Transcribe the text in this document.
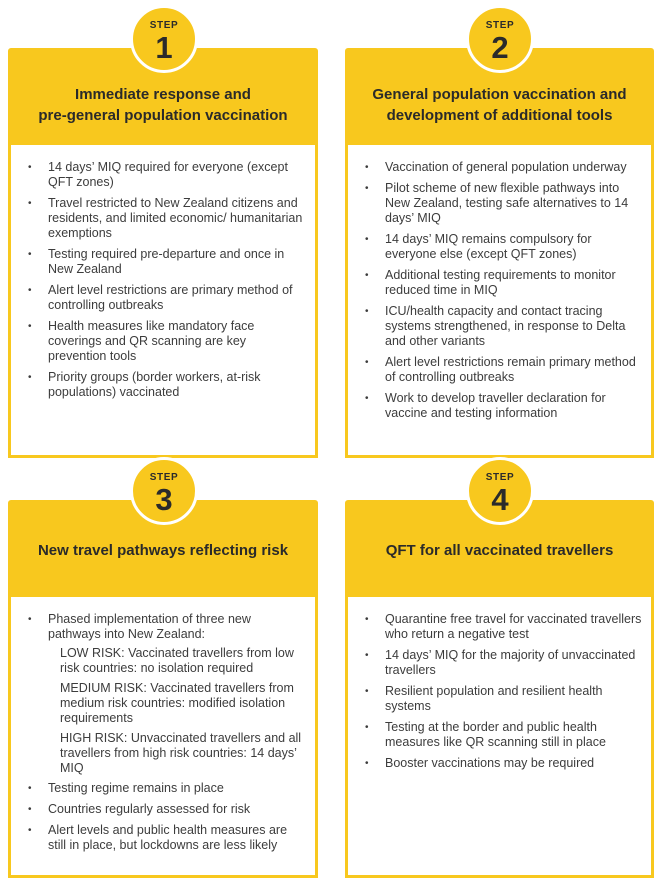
Immediate response and
pre-general population vaccination
• 14 days’ MIQ required for everyone (except QFT zones)
• Travel restricted to New Zealand citizens and residents, and limited economic/ humanitarian exemptions
• Testing required pre-departure and once in New Zealand
• Alert level restrictions are primary method of controlling outbreaks
• Health measures like mandatory face coverings and QR scanning are key prevention tools
• Priority groups (border workers, at-risk populations) vaccinated
STEP
1
General population vaccination and
development of additional tools
• Vaccination of general population underway
• Pilot scheme of new flexible pathways into New Zealand, testing safe alternatives to 14 days’ MIQ
• 14 days’ MIQ remains compulsory for everyone else (except QFT zones)
• Additional testing requirements to monitor reduced time in MIQ
• ICU/health capacity and contact tracing systems strengthened, in response to Delta and other variants
• Alert level restrictions remain primary method of controlling outbreaks
• Work to develop traveller declaration for vaccine and testing information
STEP
2
New travel pathways reflecting risk
• Phased implementation of three new pathways into New Zealand:
LOW RISK: Vaccinated travellers from low risk countries: no isolation required
MEDIUM RISK: Vaccinated travellers from medium risk countries: modified isolation requirements
HIGH RISK: Unvaccinated travellers and all travellers from high risk countries: 14 days’ MIQ
• Testing regime remains in place
• Countries regularly assessed for risk
• Alert levels and public health measures are still in place, but lockdowns are less likely
STEP
3
QFT for all vaccinated travellers
• Quarantine free travel for vaccinated travellers who return a negative test
• 14 days’ MIQ for the majority of unvaccinated travellers
• Resilient population and resilient health systems
• Testing at the border and public health measures like QR scanning still in place
• Booster vaccinations may be required
STEP
4
